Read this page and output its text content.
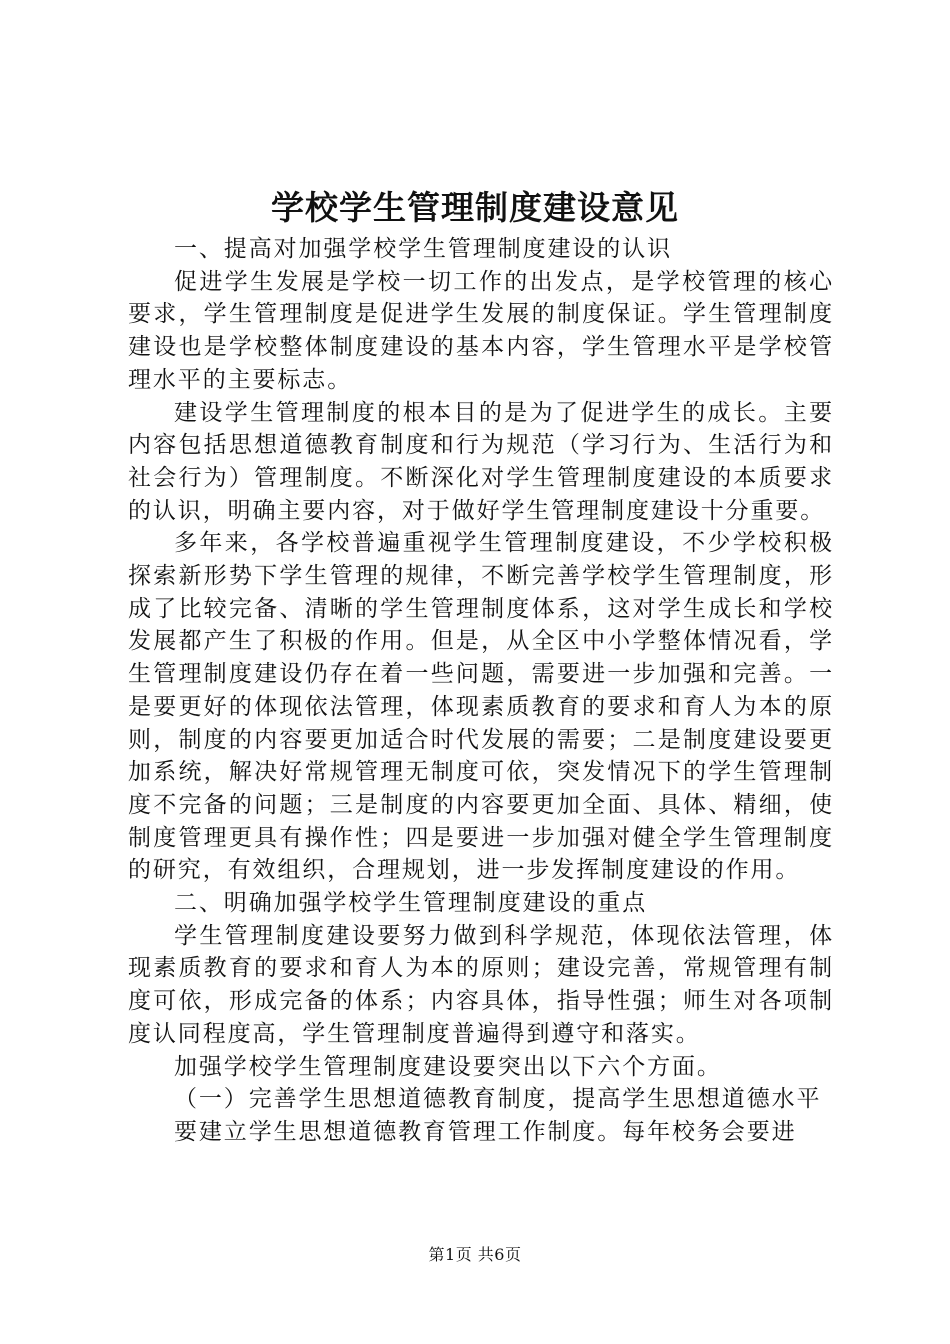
学校学生管理制度建设意见

一、提高对加强学校学生管理制度建设的认识

促进学生发展是学校一切工作的出发点，是学校管理的核心要求，学生管理制度是促进学生发展的制度保证。学生管理制度建设也是学校整体制度建设的基本内容，学生管理水平是学校管理水平的主要标志。

建设学生管理制度的根本目的是为了促进学生的成长。主要内容包括思想道德教育制度和行为规范（学习行为、生活行为和社会行为）管理制度。不断深化对学生管理制度建设的本质要求的认识，明确主要内容，对于做好学生管理制度建设十分重要。

多年来，各学校普遍重视学生管理制度建设，不少学校积极探索新形势下学生管理的规律，不断完善学校学生管理制度，形成了比较完备、清晰的学生管理制度体系，这对学生成长和学校发展都产生了积极的作用。但是，从全区中小学整体情况看，学生管理制度建设仍存在着一些问题，需要进一步加强和完善。一是要更好的体现依法管理，体现素质教育的要求和育人为本的原则，制度的内容要更加适合时代发展的需要；二是制度建设要更加系统，解决好常规管理无制度可依，突发情况下的学生管理制度不完备的问题；三是制度的内容要更加全面、具体、精细，使制度管理更具有操作性；四是要进一步加强对健全学生管理制度的研究，有效组织，合理规划，进一步发挥制度建设的作用。

二、明确加强学校学生管理制度建设的重点

学生管理制度建设要努力做到科学规范，体现依法管理，体现素质教育的要求和育人为本的原则；建设完善，常规管理有制度可依，形成完备的体系；内容具体，指导性强；师生对各项制度认同程度高，学生管理制度普遍得到遵守和落实。

加强学校学生管理制度建设要突出以下六个方面。

（一）完善学生思想道德教育制度，提高学生思想道德水平

要建立学生思想道德教育管理工作制度。每年校务会要进

第1页 共6页
